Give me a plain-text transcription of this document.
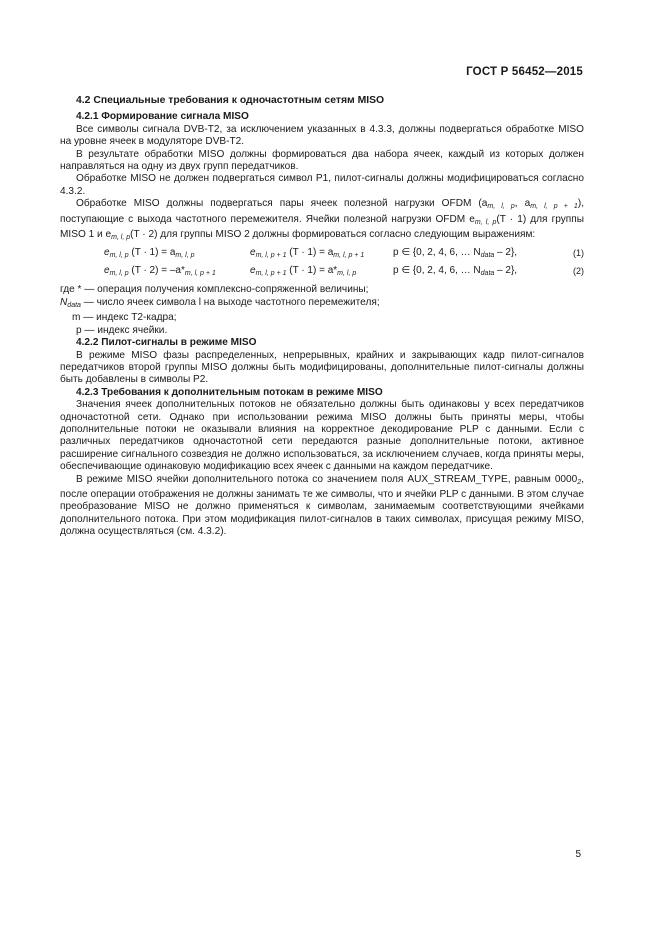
ГОСТ Р 56452—2015
4.2 Специальные требования к одночастотным сетям MISO
4.2.1 Формирование сигнала MISO

Все символы сигнала DVB-T2, за исключением указанных в 4.3.3, должны подвергаться обработке MISO на уровне ячеек в модуляторе DVB-T2.

В результате обработки MISO должны формироваться два набора ячеек, каждый из которых должен направляться на одну из двух групп передатчиков.

Обработке MISO не должен подвергаться символ P1, пилот-сигналы должны модифицироваться согласно 4.3.2.

Обработке MISO должны подвергаться пары ячеек полезной нагрузки OFDM ($a_{m, l, p}$, $a_{m, l, p + 1}$), поступающие с выхода частотного перемежителя. Ячейки полезной нагрузки OFDM $e_{m, l, p}(T \cdot 1)$ для группы MISO 1 и $e_{m, l, p}(T \cdot 2)$ для группы MISO 2 должны формироваться согласно следующим выражениям:

$e_{m, l, p}$ $(T \cdot 1) = a_{m, l, p}$	$e_{m, l, p + 1}$ $(T \cdot 1) = a_{m, l, p + 1}$	p ∈ {0, 2, 4, 6, … $N_{data} - 2$},	(1)
$e_{m, l, p}$ $(T \cdot 2) = -a*_{m, l, p + 1}$	$e_{m, l, p + 1}$ $(T \cdot 1) = a*_{m, l, p}$	p ∈ {0, 2, 4, 6, … $N_{data} - 2$},	(2)
где * — операция получения комплексно-сопряженной величины;
$N_{data}$ — число ячеек символа l на выходе частотного перемежителя;
m — индекс T2-кадра;
p — индекс ячейки.
4.2.2 Пилот-сигналы в режиме MISO

В режиме MISO фазы распределенных, непрерывных, крайних и закрывающих кадр пилот-сигналов передатчиков второй группы MISO должны быть модифицированы, дополнительные пилот-сигналы должны быть добавлены в символы P2.

4.2.3 Требования к дополнительным потокам в режиме MISO

Значения ячеек дополнительных потоков не обязательно должны быть одинаковы у всех передатчиков одночастотной сети. Однако при использовании режима MISO должны быть приняты меры, чтобы дополнительные потоки не оказывали влияния на корректное декодирование PLP с данными. Если с различных передатчиков одночастотной сети передаются разные дополнительные потоки, активное расширение сигнального созвездия не должно использоваться, за исключением случаев, когда приняты меры, обеспечивающие одинаковую модификацию всех ячеек с данными на каждом передатчике.

В режиме MISO ячейки дополнительного потока со значением поля AUX_STREAM_TYPE, равным $0000_2$, после операции отображения не должны занимать те же символы, что и ячейки PLP с данными. В этом случае преобразование MISO не должно применяться к символам, занимаемым соответствующими ячейками дополнительного потока. При этом модификация пилот-сигналов в таких символах, присущая режиму MISO, должна осуществляться (см. 4.3.2).

5
